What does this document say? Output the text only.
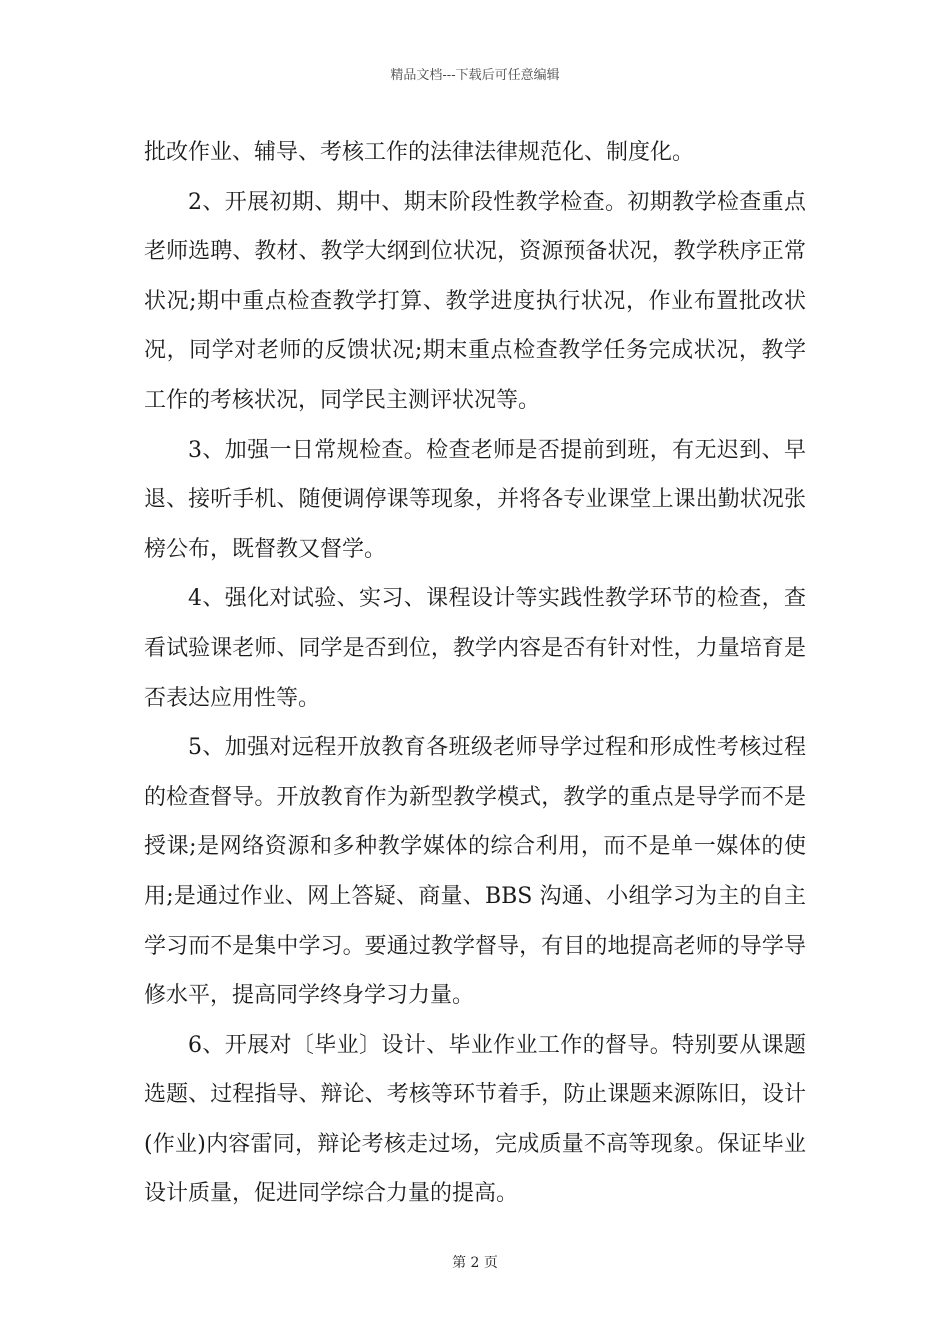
精品文档---下载后可任意编辑

批改作业、辅导、考核工作的法律法律规范化、制度化。

2、开展初期、期中、期末阶段性教学检查。初期教学检查重点老师选聘、教材、教学大纲到位状况，资源预备状况，教学秩序正常状况;期中重点检查教学打算、教学进度执行状况，作业布置批改状况，同学对老师的反馈状况;期末重点检查教学任务完成状况，教学工作的考核状况，同学民主测评状况等。

3、加强一日常规检查。检查老师是否提前到班，有无迟到、早退、接听手机、随便调停课等现象，并将各专业课堂上课出勤状况张榜公布，既督教又督学。

4、强化对试验、实习、课程设计等实践性教学环节的检查，查看试验课老师、同学是否到位，教学内容是否有针对性，力量培育是否表达应用性等。

5、加强对远程开放教育各班级老师导学过程和形成性考核过程的检查督导。开放教育作为新型教学模式，教学的重点是导学而不是授课;是网络资源和多种教学媒体的综合利用，而不是单一媒体的使用;是通过作业、网上答疑、商量、BBS 沟通、小组学习为主的自主学习而不是集中学习。要通过教学督导，有目的地提高老师的导学导修水平，提高同学终身学习力量。

6、开展对〔毕业〕设计、毕业作业工作的督导。特别要从课题选题、过程指导、辩论、考核等环节着手，防止课题来源陈旧，设计(作业)内容雷同，辩论考核走过场，完成质量不高等现象。保证毕业设计质量，促进同学综合力量的提高。

第 2 页
